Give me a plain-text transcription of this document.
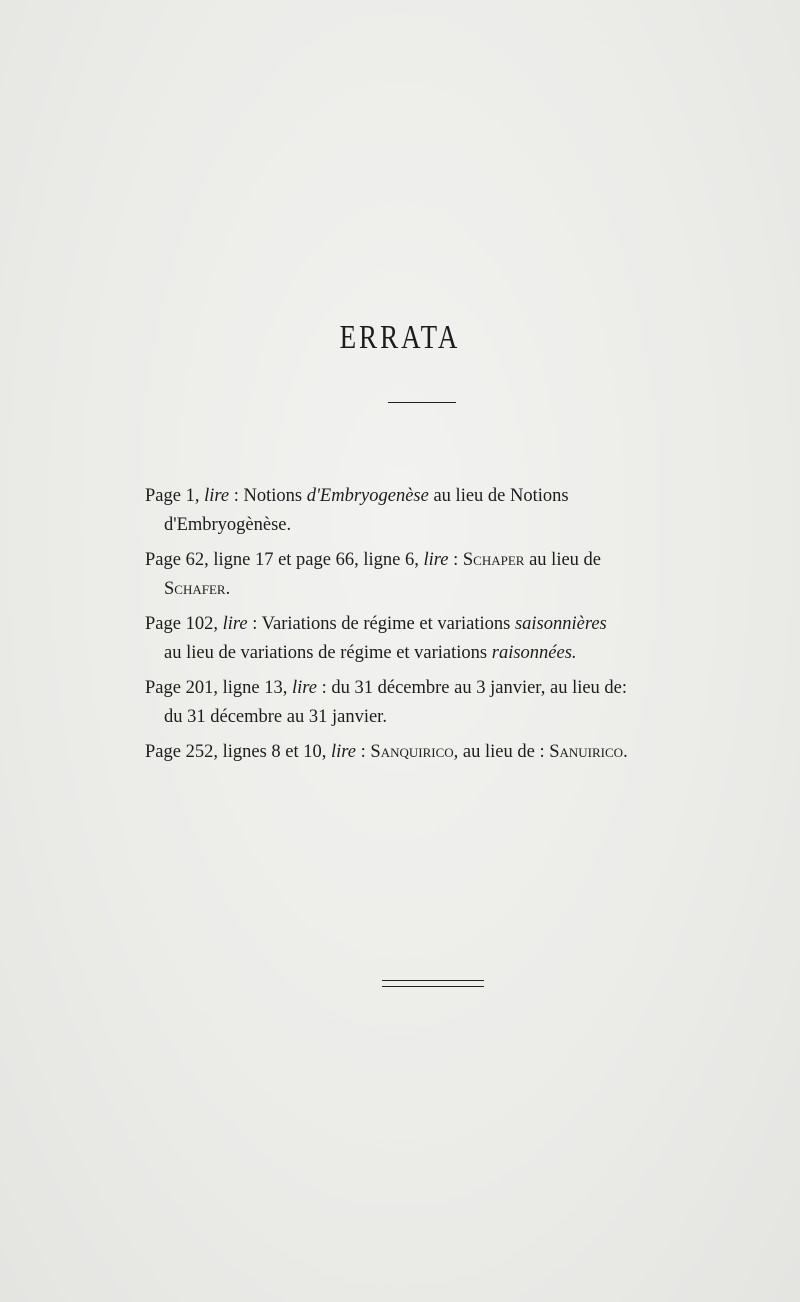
ERRATA
Page 1, lire : Notions d'Embryogenèse au lieu de Notions
d'Embryogènèse.
Page 62, ligne 17 et page 66, ligne 6, lire : Schaper au lieu de
Schafer.
Page 102, lire : Variations de régime et variations saisonnières
au lieu de variations de régime et variations raisonnées.
Page 201, ligne 13, lire : du 31 décembre au 3 janvier, au lieu de:
du 31 décembre au 31 janvier.
Page 252, lignes 8 et 10, lire : Sanquirico, au lieu de : Sanuirico.
